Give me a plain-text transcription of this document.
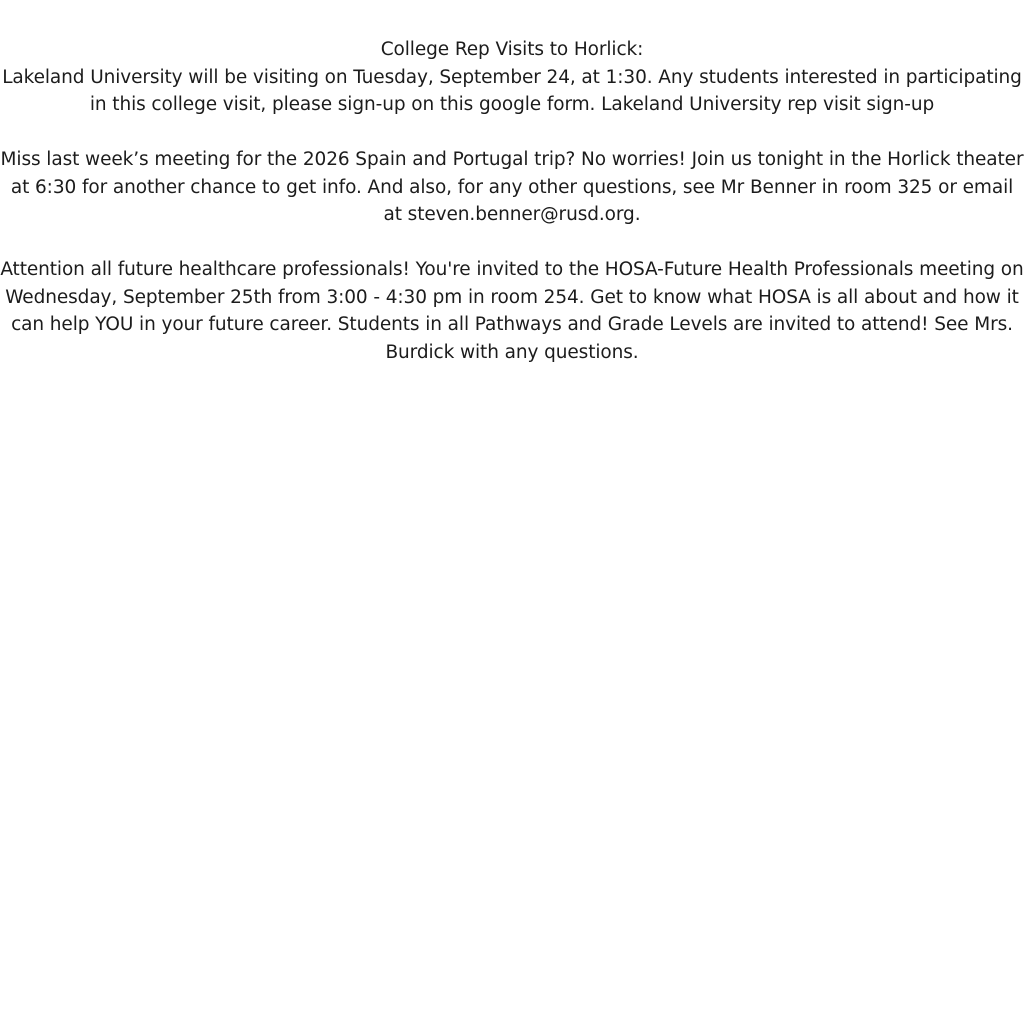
College Rep Visits to Horlick:

Lakeland University will be visiting on Tuesday, September 24, at 1:30. Any students interested in participating in this college visit, please sign-up on this google form. Lakeland University rep visit sign-up

Miss last week’s meeting for the 2026 Spain and Portugal trip? No worries! Join us tonight in the Horlick theater at 6:30 for another chance to get info. And also, for any other questions, see Mr Benner in room 325 or email at steven.benner@rusd.org.

Attention all future healthcare professionals! You're invited to the HOSA-Future Health Professionals meeting on Wednesday, September 25th from 3:00 - 4:30 pm in room 254. Get to know what HOSA is all about and how it can help YOU in your future career. Students in all Pathways and Grade Levels are invited to attend! See Mrs. Burdick with any questions.
